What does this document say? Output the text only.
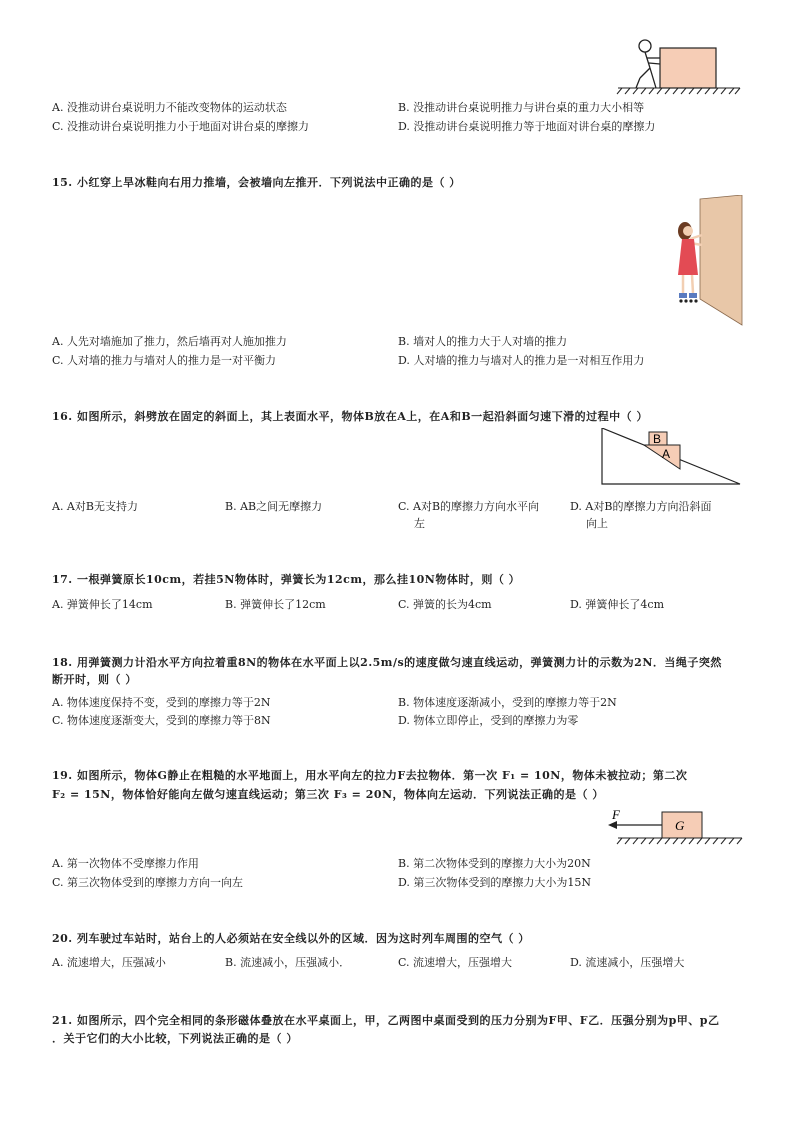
A. 没推动讲台桌说明力不能改变物体的运动状态	B. 没推动讲台桌说明推力与讲台桌的重力大小相等
C. 没推动讲台桌说明推力小于地面对讲台桌的摩擦力	D. 没推动讲台桌说明推力等于地面对讲台桌的摩擦力
15. 小红穿上旱冰鞋向右用力推墙，会被墙向左推开．下列说法中正确的是（ ）
A. 人先对墙施加了推力，然后墙再对人施加推力	B. 墙对人的推力大于人对墙的推力
C. 人对墙的推力与墙对人的推力是一对平衡力	D. 人对墙的推力与墙对人的推力是一对相互作用力
16. 如图所示，斜劈放在固定的斜面上，其上表面水平，物体B放在A上，在A和B一起沿斜面匀速下滑的过程中（ ）
A
B
A. A对B无支持力	B. AB之间无摩擦力	C. A对B的摩擦力方向水平向
左
D. A对B的摩擦力方向沿斜面
向上
17. 一根弹簧原长10cm，若挂5N物体时，弹簧长为12cm，那么挂10N物体时，则（ ）
A. 弹簧伸长了14cm	B. 弹簧伸长了12cm	C. 弹簧的长为4cm	D. 弹簧伸长了4cm
18. 用弹簧测力计沿水平方向拉着重8N的物体在水平面上以2.5m/s的速度做匀速直线运动，弹簧测力计的示数为2N．当绳子突然
断开时，则（ ）
A. 物体速度保持不变，受到的摩擦力等于2N	B. 物体速度逐渐减小，受到的摩擦力等于2N
C. 物体速度逐渐变大，受到的摩擦力等于8N	D. 物体立即停止，受到的摩擦力为零
19. 如图所示，物体G静止在粗糙的水平地面上，用水平向左的拉力F去拉物体．第一次 F₁ = 10N，物体未被拉动；第二次
F₂ = 15N，物体恰好能向左做匀速直线运动；第三次 F₃ = 20N，物体向左运动．下列说法正确的是（ ）
F
G
A. 第一次物体不受摩擦力作用	B. 第二次物体受到的摩擦力大小为20N
C. 第三次物体受到的摩擦力方向一向左	D. 第三次物体受到的摩擦力大小为15N
20. 列车驶过车站时，站台上的人必须站在安全线以外的区域．因为这时列车周围的空气（ ）
A. 流速增大，压强减小	B. 流速减小，压强减小．	C. 流速增大，压强增大	D. 流速减小，压强增大
21. 如图所示，四个完全相同的条形磁体叠放在水平桌面上，甲，乙两图中桌面受到的压力分别为F甲、F乙．压强分别为p甲、p乙
．关于它们的大小比较，下列说法正确的是（ ）
